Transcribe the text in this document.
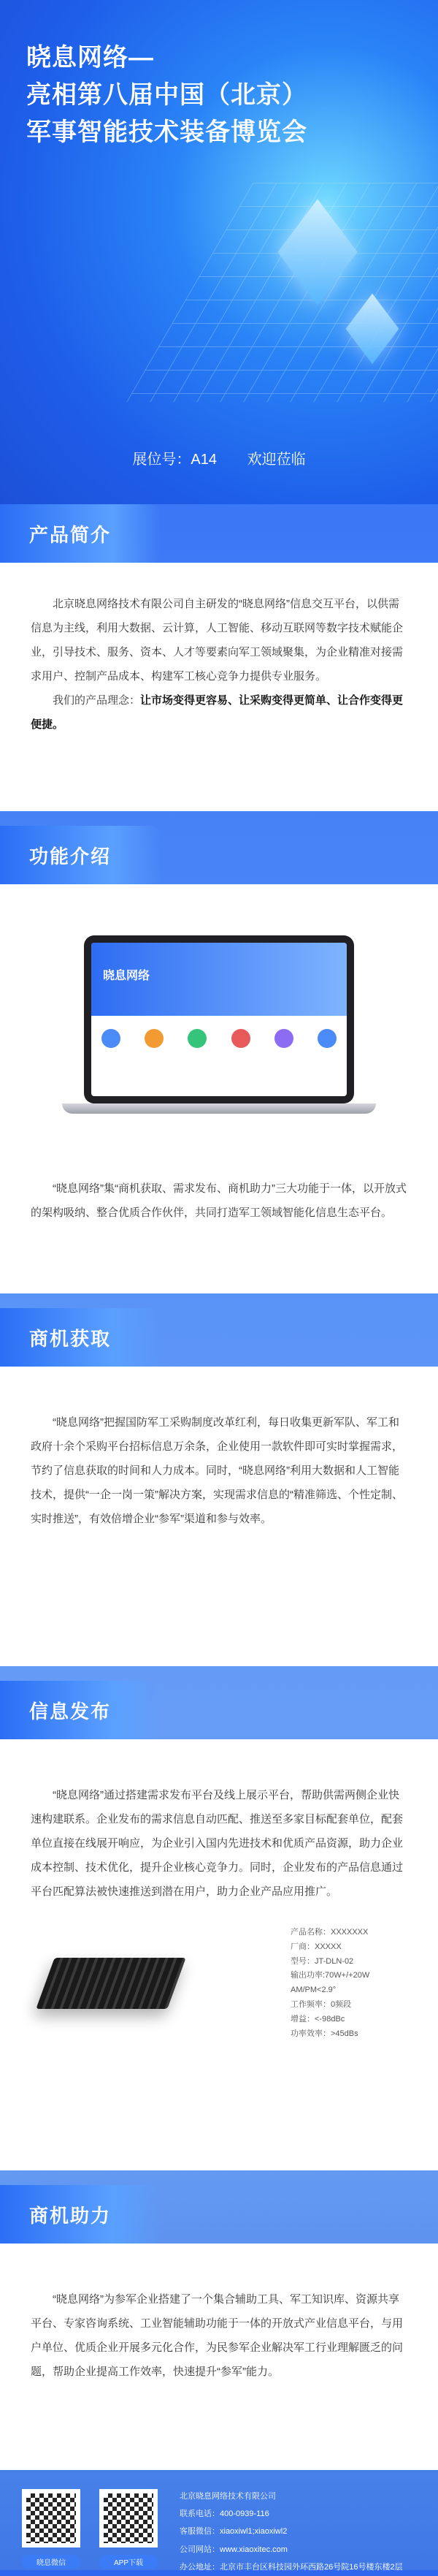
晓息网络—
亮相第八届中国（北京）
军事智能技术装备博览会
展位号：A14 欢迎莅临
产品简介

北京晓息网络技术有限公司自主研发的“晓息网络”信息交互平台，以供需信息为主线，利用大数据、云计算，人工智能、移动互联网等数字技术赋能企业，引导技术、服务、资本、人才等要素向军工领域聚集，为企业精准对接需求用户、控制产品成本、构建军工核心竞争力提供专业服务。

我们的产品理念：让市场变得更容易、让采购变得更简单、让合作变得更便捷。

功能介绍
晓息网络

“晓息网络”集“商机获取、需求发布、商机助力”三大功能于一体，以开放式的架构吸纳、整合优质合作伙伴，共同打造军工领域智能化信息生态平台。

商机获取

“晓息网络”把握国防军工采购制度改革红利，每日收集更新军队、军工和政府十余个采购平台招标信息万余条，企业使用一款软件即可实时掌握需求，节约了信息获取的时间和人力成本。同时，“晓息网络”利用大数据和人工智能技术，提供“一企一岗一策”解决方案，实现需求信息的“精准筛选、个性定制、实时推送”，有效倍增企业“参军”渠道和参与效率。

信息发布

“晓息网络”通过搭建需求发布平台及线上展示平台，帮助供需两侧企业快速构建联系。企业发布的需求信息自动匹配、推送至多家目标配套单位，配套单位直接在线展开响应，为企业引入国内先进技术和优质产品资源，助力企业成本控制、技术优化，提升企业核心竞争力。同时，企业发布的产品信息通过平台匹配算法被快速推送到潜在用户，助力企业产品应用推广。

产品名称：XXXXXXX
厂商：XXXXX
型号：JT-DLN-02
输出功率:70W+/+20W
AM/PM<2.9°
工作频率：0频段
增益：<-98dBc
功率效率：>45dBs
商机助力

“晓息网络”为参军企业搭建了一个集合辅助工具、军工知识库、资源共享平台、专家咨询系统、工业智能辅助功能于一体的开放式产业信息平台，与用户单位、优质企业开展多元化合作，为民参军企业解决军工行业理解匮乏的问题，帮助企业提高工作效率，快速提升“参军”能力。

晓息微信	APP下载
北京晓息网络技术有限公司
联系电话：400-0939-116
客服微信：xiaoxiwl1;xiaoxiwl2
公司网站：www.xiaoxitec.com
办公地址：北京市丰台区科技园外环西路26号院16号楼东楼2层
